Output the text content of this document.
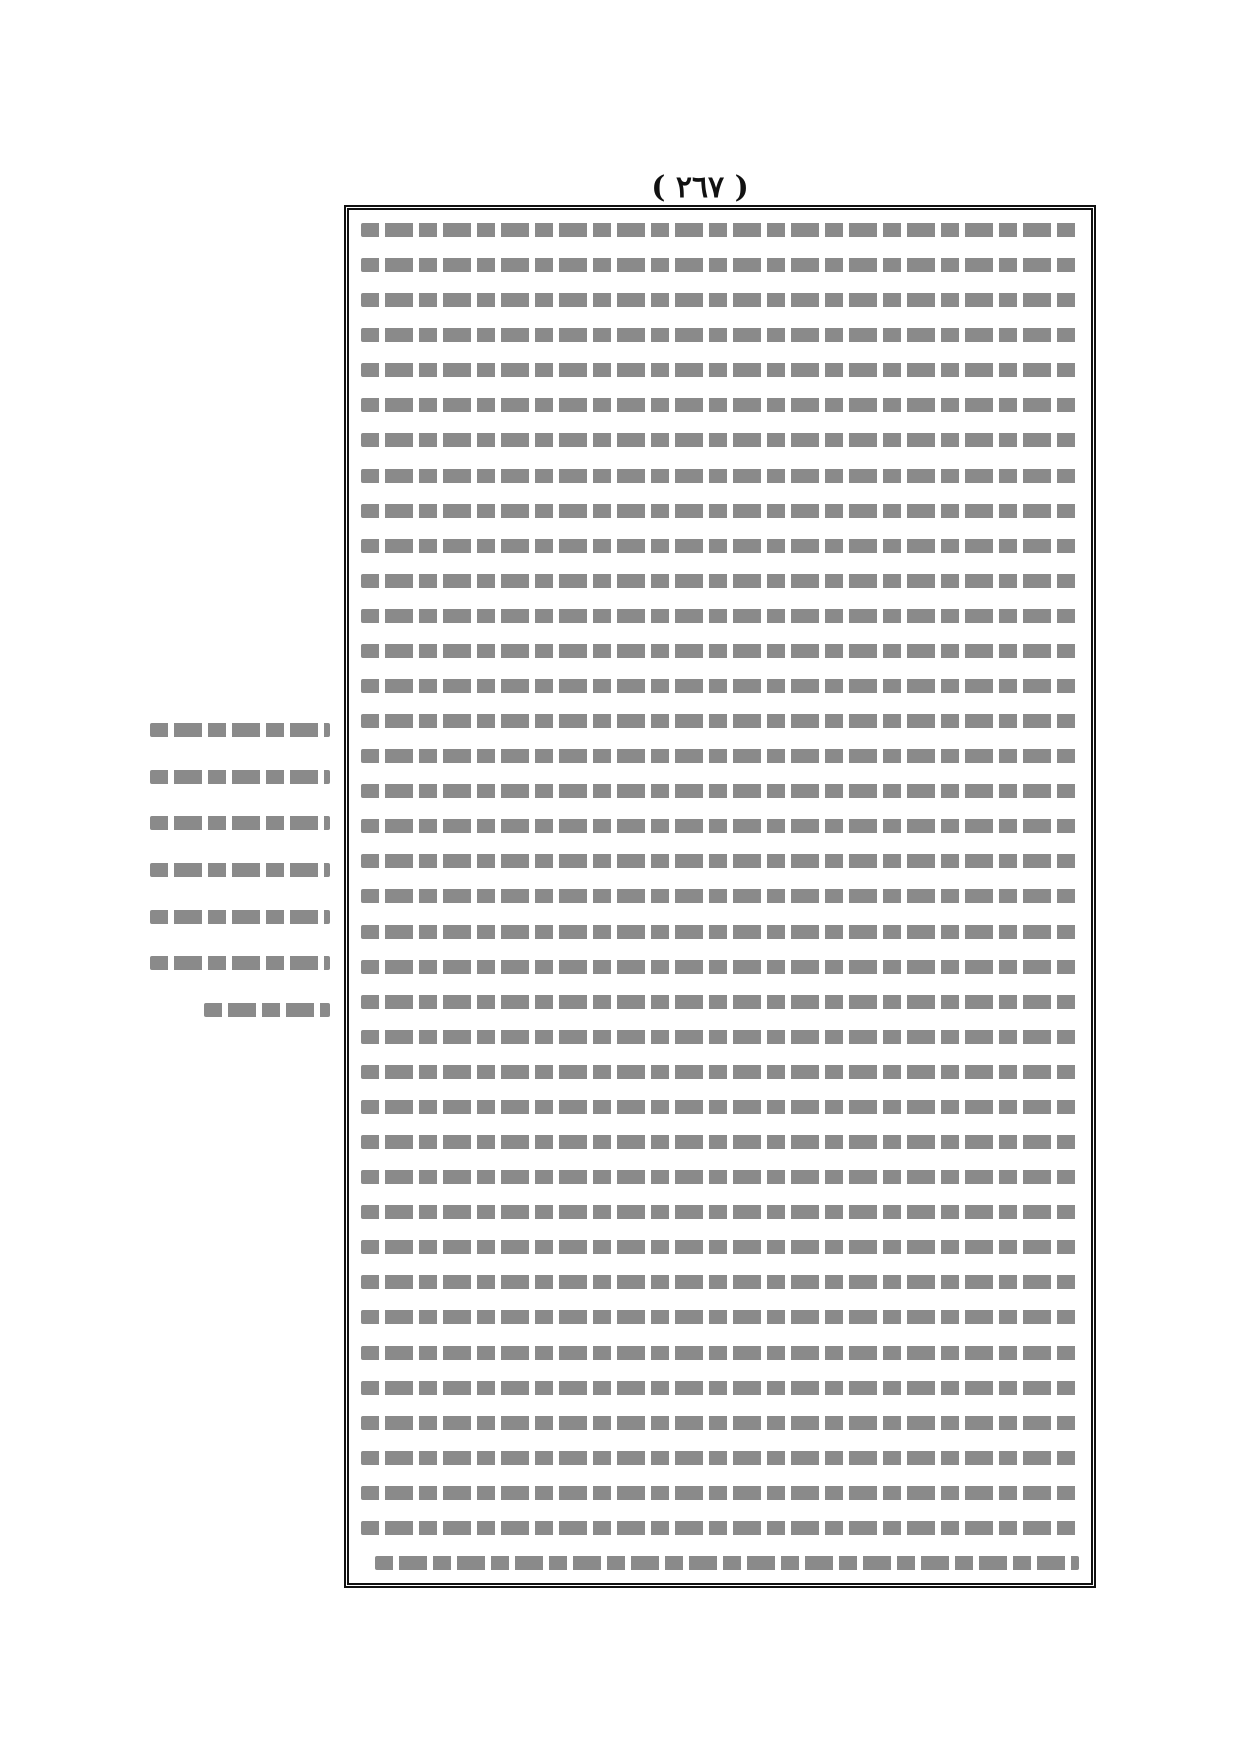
( ٢٦٧ )
